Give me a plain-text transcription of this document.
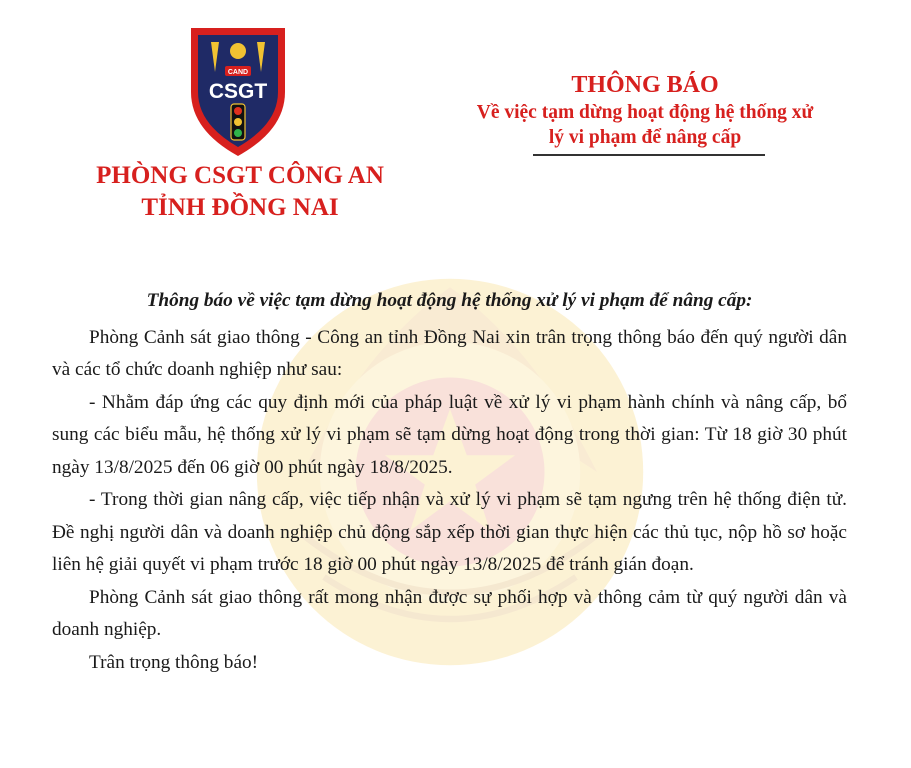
CAND
CSGT
PHÒNG CSGT CÔNG AN
TỈNH ĐỒNG NAI
THÔNG BÁO
Về việc tạm dừng hoạt động hệ thống xử
lý vi phạm để nâng cấp
Thông báo về việc tạm dừng hoạt động hệ thống xử lý vi phạm để nâng cấp:

Phòng Cảnh sát giao thông - Công an tỉnh Đồng Nai xin trân trọng thông báo đến quý người dân và các tổ chức doanh nghiệp như sau:

- Nhằm đáp ứng các quy định mới của pháp luật về xử lý vi phạm hành chính và nâng cấp, bổ sung các biểu mẫu, hệ thống xử lý vi phạm sẽ tạm dừng hoạt động trong thời gian: Từ 18 giờ 30 phút ngày 13/8/2025 đến 06 giờ 00 phút ngày 18/8/2025.

- Trong thời gian nâng cấp, việc tiếp nhận và xử lý vi phạm sẽ tạm ngưng trên hệ thống điện tử. Đề nghị người dân và doanh nghiệp chủ động sắp xếp thời gian thực hiện các thủ tục, nộp hồ sơ hoặc liên hệ giải quyết vi phạm trước 18 giờ 00 phút ngày 13/8/2025 để tránh gián đoạn.

Phòng Cảnh sát giao thông rất mong nhận được sự phối hợp và thông cảm từ quý người dân và doanh nghiệp.

Trân trọng thông báo!
